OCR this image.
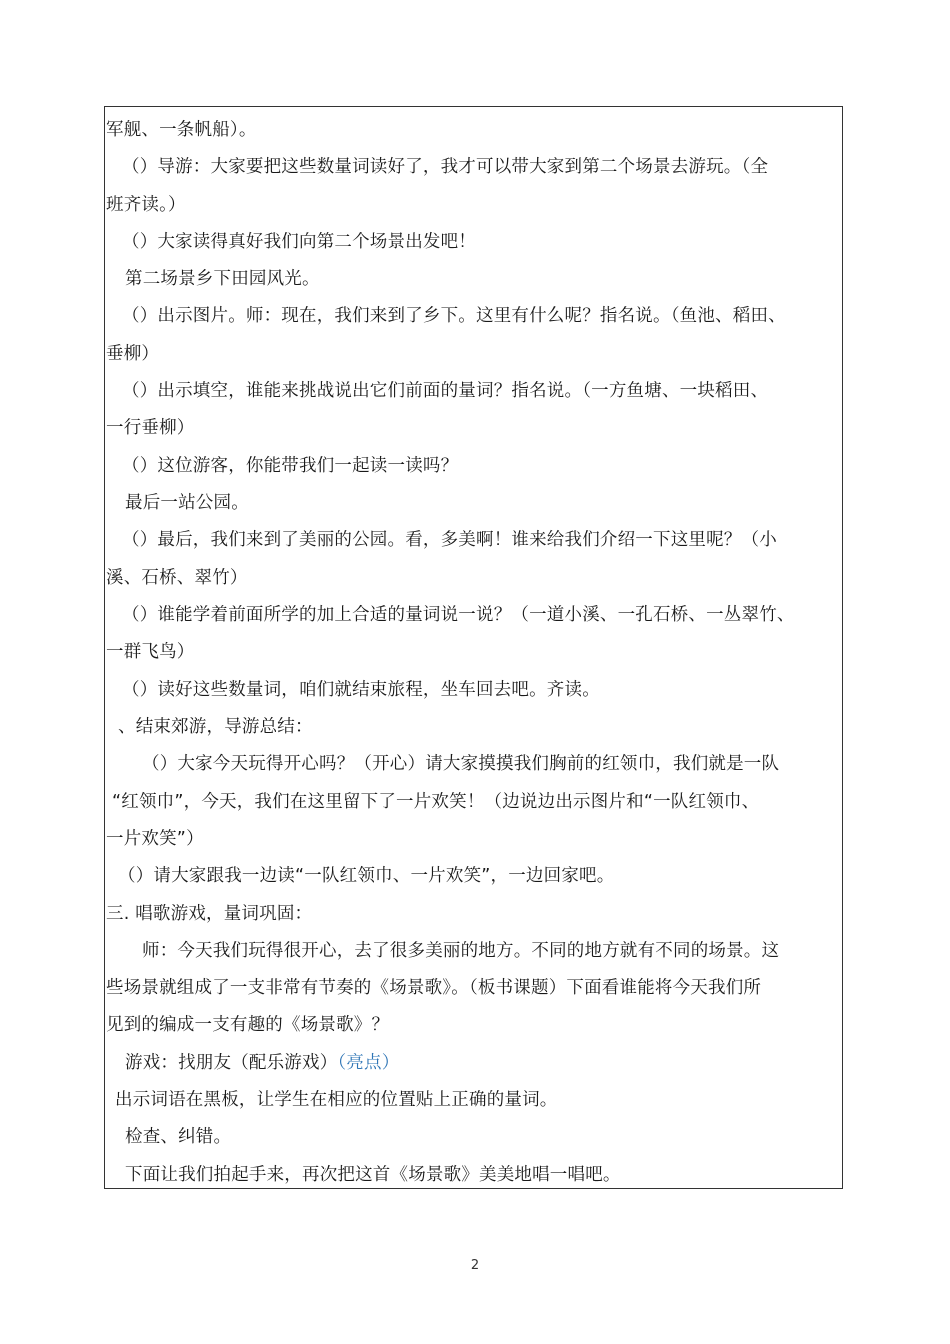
军舰、一条帆船）。
（）导游：大家要把这些数量词读好了，我才可以带大家到第二个场景去游玩。（全
班齐读。）
（）大家读得真好我们向第二个场景出发吧！
第二场景乡下田园风光。
（）出示图片。师：现在，我们来到了乡下。这里有什么呢？指名说。（鱼池、稻田、
垂柳）
（）出示填空，谁能来挑战说出它们前面的量词？指名说。（一方鱼塘、一块稻田、
一行垂柳）
（）这位游客，你能带我们一起读一读吗？
最后一站公园。
（）最后，我们来到了美丽的公园。看，多美啊！谁来给我们介绍一下这里呢？（小
溪、石桥、翠竹）
（）谁能学着前面所学的加上合适的量词说一说？（一道小溪、一孔石桥、一丛翠竹、
一群飞鸟）
（）读好这些数量词，咱们就结束旅程，坐车回去吧。齐读。
、结束郊游，导游总结：
（）大家今天玩得开心吗？（开心）请大家摸摸我们胸前的红领巾，我们就是一队
“红领巾”，今天，我们在这里留下了一片欢笑！（边说边出示图片和“一队红领巾、
一片欢笑”）
（）请大家跟我一边读“一队红领巾、一片欢笑”，一边回家吧。
三. 唱歌游戏，量词巩固：
师：今天我们玩得很开心，去了很多美丽的地方。不同的地方就有不同的场景。这
些场景就组成了一支非常有节奏的《场景歌》。（板书课题）下面看谁能将今天我们所
见到的编成一支有趣的《场景歌》？
游戏：找朋友（配乐游戏）（亮点）
出示词语在黑板，让学生在相应的位置贴上正确的量词。
检查、纠错。
下面让我们拍起手来，再次把这首《场景歌》美美地唱一唱吧。
2
